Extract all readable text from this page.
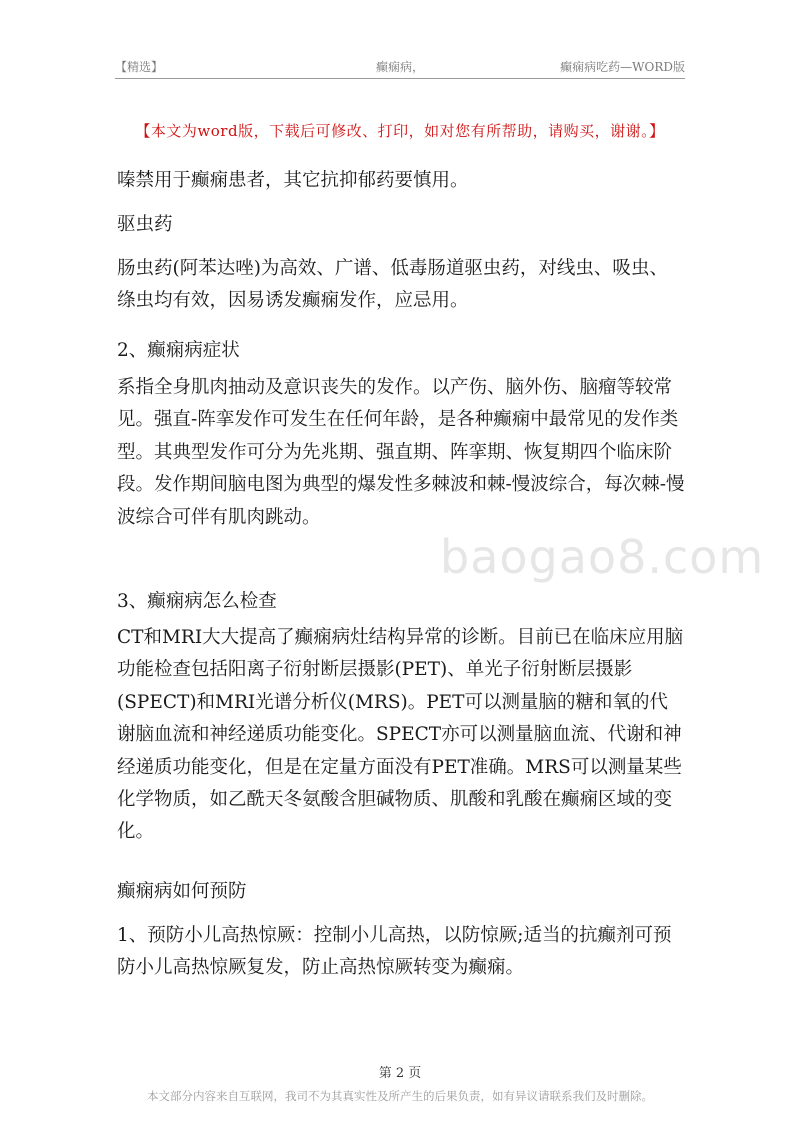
【精选】	癫痫病，	癫痫病吃药—WORD版
【本文为word版，下载后可修改、打印，如对您有所帮助，请购买，谢谢。】

嗪禁用于癫痫患者，其它抗抑郁药要慎用。

驱虫药

肠虫药(阿苯达唑)为高效、广谱、低毒肠道驱虫药，对线虫、吸虫、绦虫均有效，因易诱发癫痫发作，应忌用。

2、癫痫病症状

系指全身肌肉抽动及意识丧失的发作。以产伤、脑外伤、脑瘤等较常见。强直-阵挛发作可发生在任何年龄，是各种癫痫中最常见的发作类型。其典型发作可分为先兆期、强直期、阵挛期、恢复期四个临床阶段。发作期间脑电图为典型的爆发性多棘波和棘-慢波综合，每次棘-慢波综合可伴有肌肉跳动。

3、癫痫病怎么检查

CT和MRI大大提高了癫痫病灶结构异常的诊断。目前已在临床应用脑功能检查包括阳离子衍射断层摄影(PET)、单光子衍射断层摄影(SPECT)和MRI光谱分析仪(MRS)。PET可以测量脑的糖和氧的代谢脑血流和神经递质功能变化。SPECT亦可以测量脑血流、代谢和神经递质功能变化，但是在定量方面没有PET准确。MRS可以测量某些化学物质，如乙酰天冬氨酸含胆碱物质、肌酸和乳酸在癫痫区域的变化。

癫痫病如何预防

1、预防小儿高热惊厥：控制小儿高热，以防惊厥;适当的抗癫剂可预防小儿高热惊厥复发，防止高热惊厥转变为癫痫。

baogao8.com
第 2 页
本文部分内容来自互联网，我司不为其真实性及所产生的后果负责，如有异议请联系我们及时删除。
